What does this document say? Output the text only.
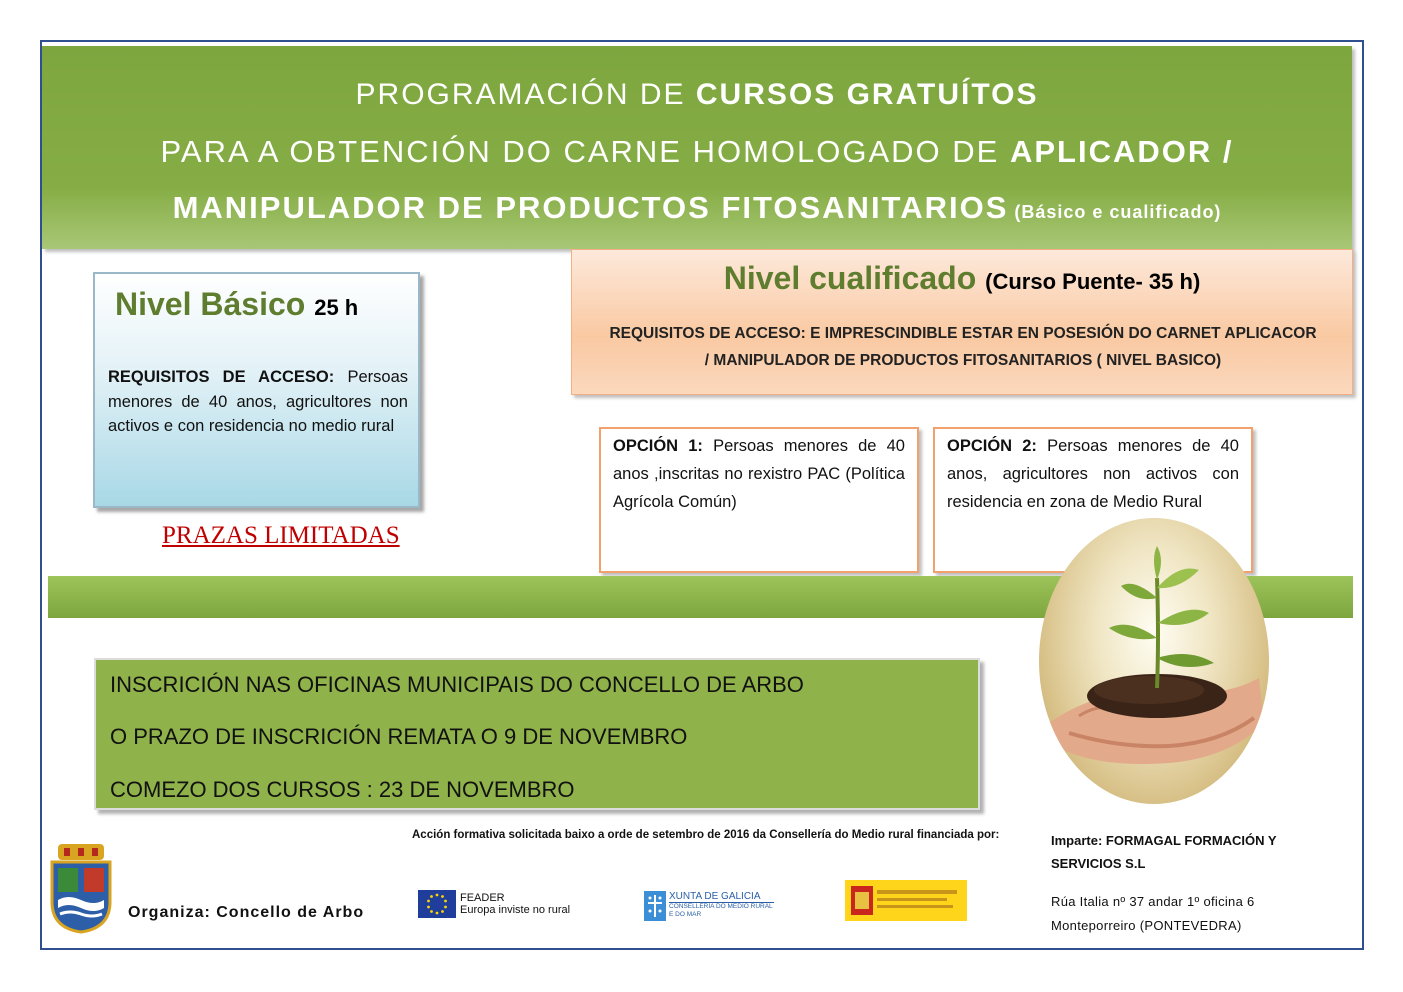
PROGRAMACIÓN DE CURSOS GRATUÍTOS
PARA A OBTENCIÓN DO CARNE HOMOLOGADO DE APLICADOR /
MANIPULADOR DE PRODUCTOS FITOSANITARIOS (Básico e cualificado)
Nivel Básico 25 h
REQUISITOS DE ACCESO: Persoas menores de 40 anos, agricultores non activos e con residencia no medio rural
PRAZAS LIMITADAS
Nivel cualificado (Curso Puente- 35 h)
REQUISITOS DE ACCESO: E IMPRESCINDIBLE ESTAR EN POSESIÓN DO CARNET APLICACOR
/ MANIPULADOR DE PRODUCTOS FITOSANITARIOS ( NIVEL BASICO)
OPCIÓN 1: Persoas menores de 40 anos ,inscritas no rexistro PAC (Política Agrícola Común)
OPCIÓN 2: Persoas menores de 40 anos, agricultores non activos con residencia en zona de Medio Rural
INSCRICIÓN NAS OFICINAS MUNICIPAIS DO CONCELLO DE ARBO
O PRAZO DE INSCRICIÓN REMATA O 9 DE NOVEMBRO
COMEZO DOS CURSOS : 23 DE NOVEMBRO
Organiza: Concello de Arbo
Acción formativa solicitada baixo a orde de setembro de 2016 da Consellería do Medio rural financiada por:
FEADER
Europa inviste no rural
XUNTA DE GALICIA
CONSELLERÍA DO MEDIO RURAL E DO MAR
Imparte: FORMAGAL FORMACIÓN Y SERVICIOS S.L
Rúa Italia nº 37 andar 1º oficina 6
Monteporreiro (PONTEVEDRA)
